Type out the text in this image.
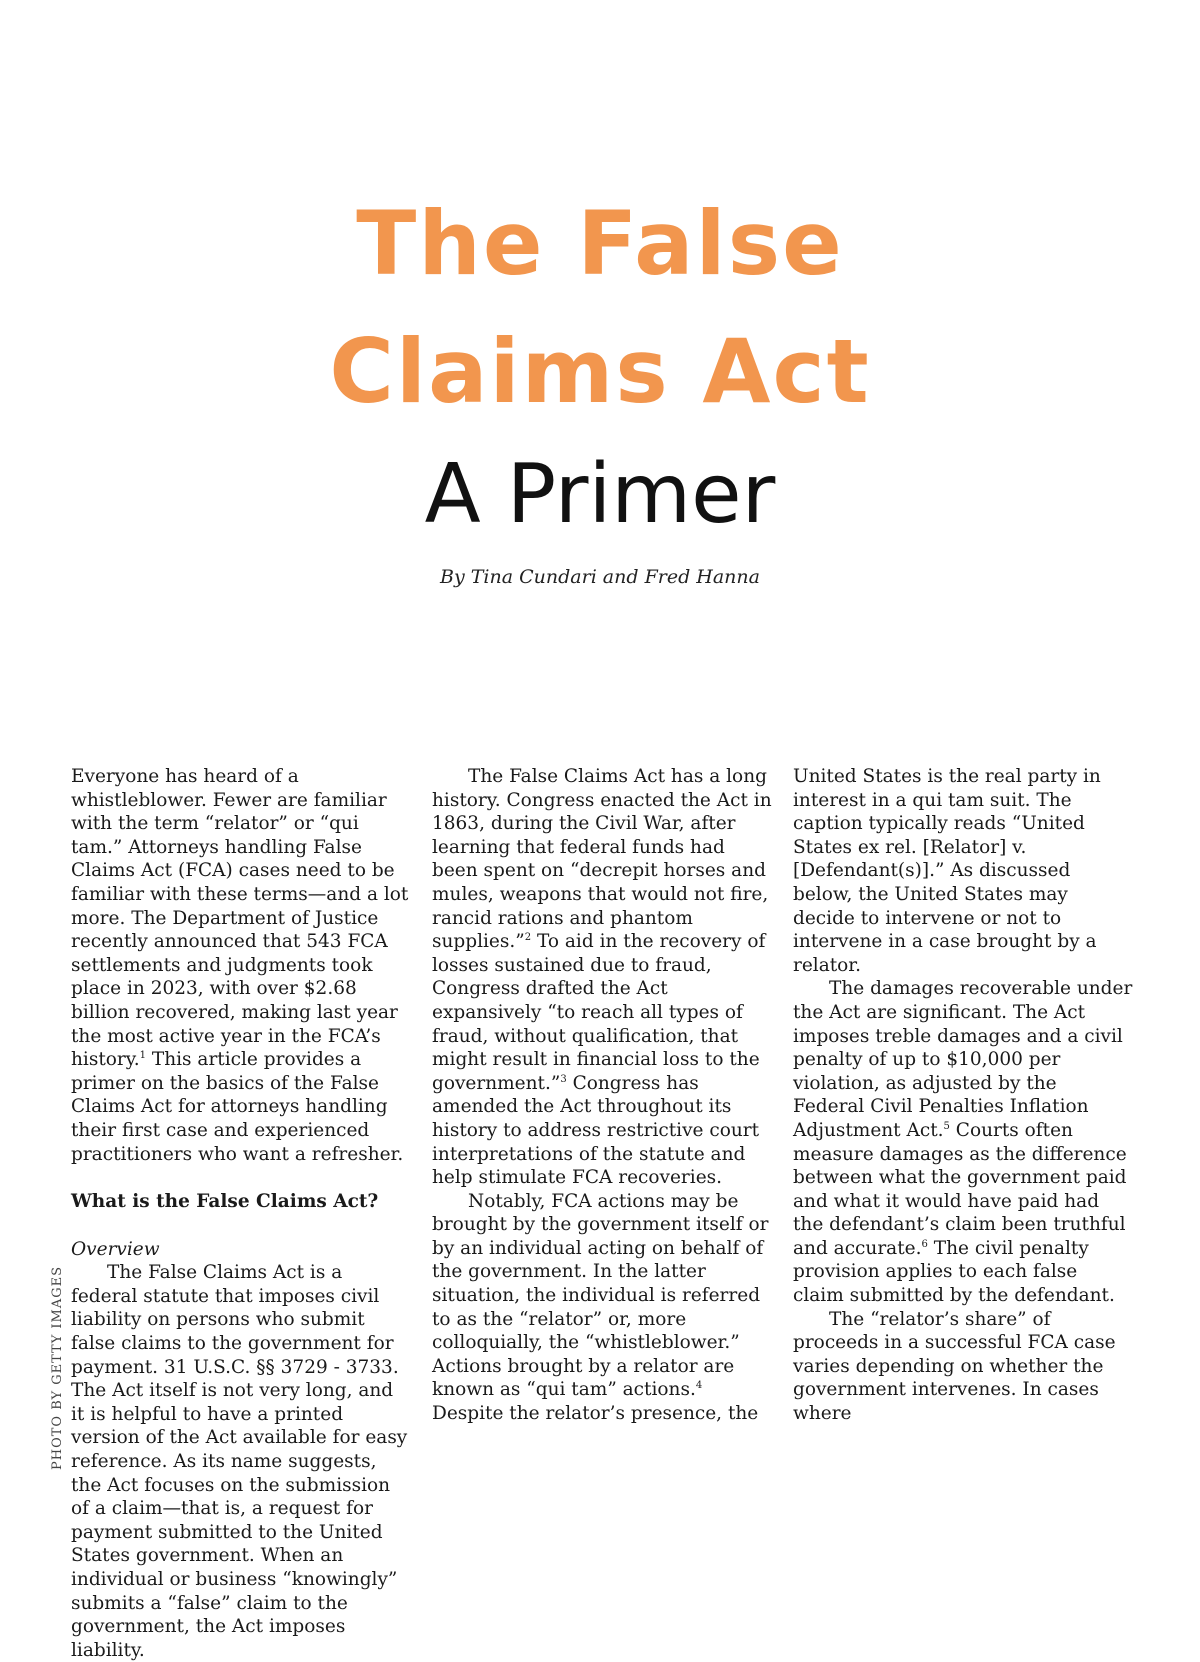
The False

Claims Act

A Primer

By Tina Cundari and Fred Hanna
PHOTO BY GETTY IMAGES

Everyone has heard of a whistleblower. Fewer are familiar with the term “relator” or “qui tam.” Attorneys handling False Claims Act (FCA) cases need to be familiar with these terms—and a lot more. The Department of Justice recently announced that 543 FCA settlements and judgments took place in 2023, with over $2.68 billion recovered, making last year the most active year in the FCA’s history.$^1$ This article provides a primer on the basics of the False Claims Act for attorneys handling their first case and experienced practitioners who want a refresher.

What is the False Claims Act?

Overview

The False Claims Act is a federal statute that imposes civil liability on persons who submit false claims to the government for payment. 31 U.S.C. §§ 3729 - 3733. The Act itself is not very long, and it is helpful to have a printed version of the Act available for easy reference. As its name suggests, the Act focuses on the submission of a claim—that is, a request for payment submitted to the United States government. When an individual or business “knowingly” submits a “false” claim to the government, the Act imposes liability.

The False Claims Act has a long history. Congress enacted the Act in 1863, during the Civil War, after learning that federal funds had been spent on “decrepit horses and mules, weapons that would not fire, rancid rations and phantom supplies.”$^2$ To aid in the recovery of losses sustained due to fraud, Congress drafted the Act expansively “to reach all types of fraud, without qualification, that might result in financial loss to the government.”$^3$ Congress has amended the Act throughout its history to address restrictive court interpretations of the statute and help stimulate FCA recoveries.

Notably, FCA actions may be brought by the government itself or by an individual acting on behalf of the government. In the latter situation, the individual is referred to as the “relator” or, more colloquially, the “whistleblower.” Actions brought by a relator are known as “qui tam” actions.$^4$ Despite the relator’s presence, the United States is the real party in interest in a qui tam suit. The caption typically reads “United States ex rel. [Relator] v. [Defendant(s)].” As discussed below, the United States may decide to intervene or not to intervene in a case brought by a relator.

The damages recoverable under the Act are significant. The Act imposes treble damages and a civil penalty of up to $10,000 per violation, as adjusted by the Federal Civil Penalties Inflation Adjustment Act.$^5$ Courts often measure damages as the difference between what the government paid and what it would have paid had the defendant’s claim been truthful and accurate.$^6$ The civil penalty provision applies to each false claim submitted by the defendant.

The “relator’s share” of proceeds in a successful FCA case varies depending on whether the government intervenes. In cases where
